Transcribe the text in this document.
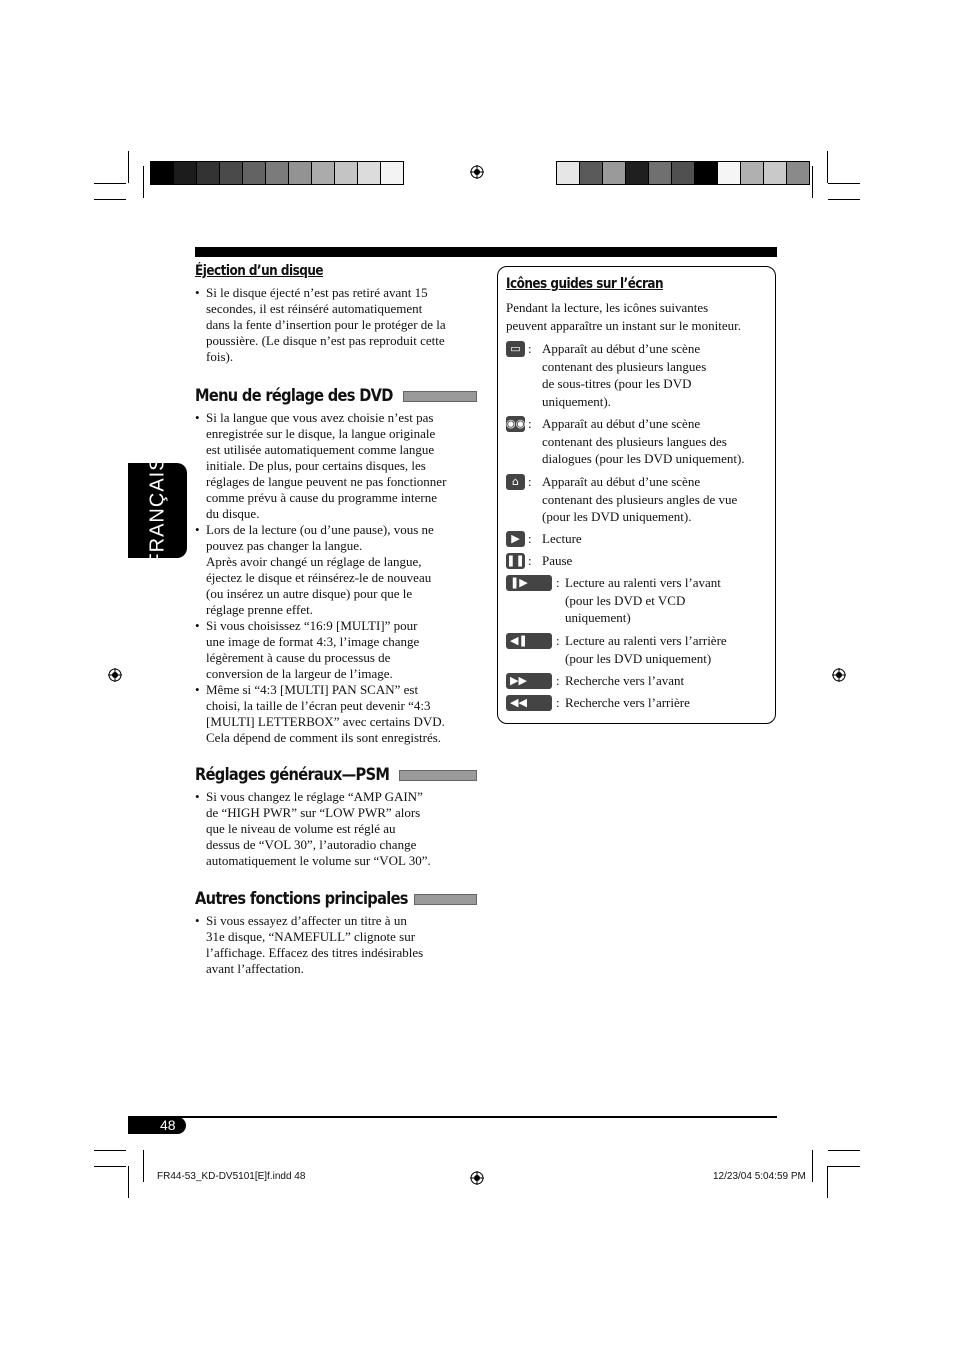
FRANÇAIS
48
Éjection d’un disque
• Si le disque éjecté n’est pas retiré avant 15
secondes, il est réinséré automatiquement
dans la fente d’insertion pour le protéger de la
poussière. (Le disque n’est pas reproduit cette
fois).
Menu de réglage des DVD
• Si la langue que vous avez choisie n’est pas
enregistrée sur le disque, la langue originale
est utilisée automatiquement comme langue
initiale. De plus, pour certains disques, les
réglages de langue peuvent ne pas fonctionner
comme prévu à cause du programme interne
du disque.
• Lors de la lecture (ou d’une pause), vous ne
pouvez pas changer la langue.
Après avoir changé un réglage de langue,
éjectez le disque et réinsérez-le de nouveau
(ou insérez un autre disque) pour que le
réglage prenne effet.
• Si vous choisissez “16:9 [MULTI]” pour
une image de format 4:3, l’image change
légèrement à cause du processus de
conversion de la largeur de l’image.
• Même si “4:3 [MULTI] PAN SCAN” est
choisi, la taille de l’écran peut devenir “4:3
[MULTI] LETTERBOX” avec certains DVD.
Cela dépend de comment ils sont enregistrés.
Réglages généraux—PSM
• Si vous changez le réglage “AMP GAIN”
de “HIGH PWR” sur “LOW PWR” alors
que le niveau de volume est réglé au
dessus de “VOL 30”, l’autoradio change
automatiquement le volume sur “VOL 30”.
Autres fonctions principales
• Si vous essayez d’affecter un titre à un
31e disque, “NAMEFULL” clignote sur
l’affichage. Effacez des titres indésirables
avant l’affectation.
Icônes guides sur l’écran
Pendant la lecture, les icônes suivantes
peuvent apparaître un instant sur le moniteur.
▭ : Apparaît au début d’une scène
contenant des plusieurs langues
de sous-titres (pour les DVD
uniquement).
◉◉ : Apparaît au début d’une scène
contenant des plusieurs langues des
dialogues (pour les DVD uniquement).
⌂ : Apparaît au début d’une scène
contenant des plusieurs angles de vue
(pour les DVD uniquement).
▶ : Lecture
❚❚ : Pause
❚▶	: Lecture au ralenti vers l’avant
(pour les DVD et VCD
uniquement)
◀❚	: Lecture au ralenti vers l’arrière
(pour les DVD uniquement)
▶▶	: Recherche vers l’avant
◀◀	: Recherche vers l’arrière
FR44-53_KD-DV5101[E]f.indd 48	12/23/04 5:04:59 PM
